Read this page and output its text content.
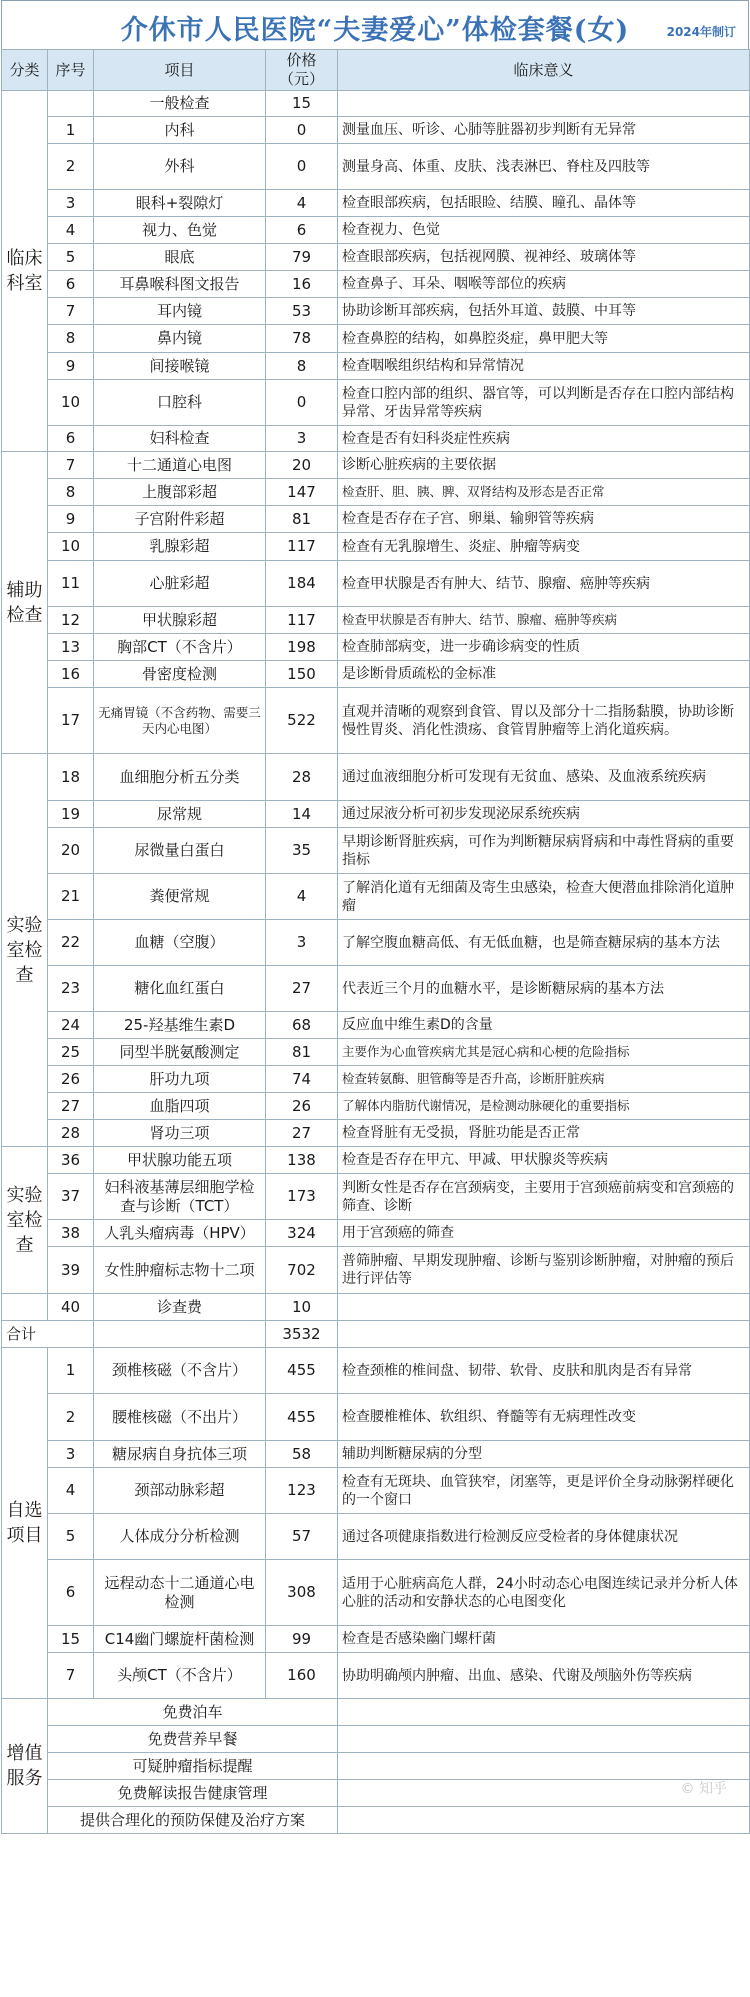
介休市人民医院“夫妻爱心”体检套餐(女)	2024年制订
分类	序号	项目	价格（元）	临床意义
临床
科室		一般检查	15	
	1	内科	0	测量血压、听诊、心肺等脏器初步判断有无异常
	2	外科	0	测量身高、体重、皮肤、浅表淋巴、脊柱及四肢等
	3	眼科+裂隙灯	4	检查眼部疾病，包括眼睑、结膜、瞳孔、晶体等
	4	视力、色觉	6	检查视力、色觉
	5	眼底	79	检查眼部疾病，包括视网膜、视神经、玻璃体等
	6	耳鼻喉科图文报告	16	检查鼻子、耳朵、咽喉等部位的疾病
	7	耳内镜	53	协助诊断耳部疾病，包括外耳道、鼓膜、中耳等
	8	鼻内镜	78	检查鼻腔的结构，如鼻腔炎症，鼻甲肥大等
	9	间接喉镜	8	检查咽喉组织结构和异常情况
	10	口腔科	0	检查口腔内部的组织、器官等，可以判断是否存在口腔内部结构异常、牙齿异常等疾病
	6	妇科检查	3	检查是否有妇科炎症性疾病
辅助
检查	7	十二通道心电图	20	诊断心脏疾病的主要依据
	8	上腹部彩超	147	检查肝、胆、胰、脾、双肾结构及形态是否正常
	9	子宫附件彩超	81	检查是否存在子宫、卵巢、输卵管等疾病
	10	乳腺彩超	117	检查有无乳腺增生、炎症、肿瘤等病变
	11	心脏彩超	184	检查甲状腺是否有肿大、结节、腺瘤、癌肿等疾病
	12	甲状腺彩超	117	检查甲状腺是否有肿大、结节、腺瘤、癌肿等疾病
	13	胸部CT（不含片）	198	检查肺部病变，进一步确诊病变的性质
	16	骨密度检测	150	是诊断骨质疏松的金标准
	17	无痛胃镜（不含药物、需要三天内心电图）	522	直观并清晰的观察到食管、胃以及部分十二指肠黏膜，协助诊断慢性胃炎、消化性溃疡、食管胃肿瘤等上消化道疾病。
实验
室检
查	18	血细胞分析五分类	28	通过血液细胞分析可发现有无贫血、感染、及血液系统疾病
	19	尿常规	14	通过尿液分析可初步发现泌尿系统疾病
	20	尿微量白蛋白	35	早期诊断肾脏疾病，可作为判断糖尿病肾病和中毒性肾病的重要指标
	21	粪便常规	4	了解消化道有无细菌及寄生虫感染，检查大便潜血排除消化道肿瘤
	22	血糖（空腹）	3	了解空腹血糖高低、有无低血糖，也是筛查糖尿病的基本方法
	23	糖化血红蛋白	27	代表近三个月的血糖水平，是诊断糖尿病的基本方法
	24	25-羟基维生素D	68	反应血中维生素D的含量
	25	同型半胱氨酸测定	81	主要作为心血管疾病尤其是冠心病和心梗的危险指标
	26	肝功九项	74	检查转氨酶、胆管酶等是否升高，诊断肝脏疾病
	27	血脂四项	26	了解体内脂肪代谢情况，是检测动脉硬化的重要指标
	28	肾功三项	27	检查肾脏有无受损，肾脏功能是否正常
实验
室检
查	36	甲状腺功能五项	138	检查是否存在甲亢、甲减、甲状腺炎等疾病
	37	妇科液基薄层细胞学检查与诊断（TCT）	173	判断女性是否存在宫颈病变，主要用于宫颈癌前病变和宫颈癌的筛查、诊断
	38	人乳头瘤病毒（HPV）	324	用于宫颈癌的筛查
	39	女性肿瘤标志物十二项	702	普筛肿瘤、早期发现肿瘤、诊断与鉴别诊断肿瘤，对肿瘤的预后进行评估等
	40	诊查费	10	
合计			3532	
自选
项目	1	颈椎核磁（不含片）	455	检查颈椎的椎间盘、韧带、软骨、皮肤和肌肉是否有异常
	2	腰椎核磁（不出片）	455	检查腰椎椎体、软组织、脊髓等有无病理性改变
	3	糖尿病自身抗体三项	58	辅助判断糖尿病的分型
	4	颈部动脉彩超	123	检查有无斑块、血管狭窄，闭塞等，更是评价全身动脉粥样硬化的一个窗口
	5	人体成分分析检测	57	通过各项健康指数进行检测反应受检者的身体健康状况
	6	远程动态十二通道心电检测	308	适用于心脏病高危人群，24小时动态心电图连续记录并分析人体心脏的活动和安静状态的心电图变化
	15	C14幽门螺旋杆菌检测	99	检查是否感染幽门螺杆菌
	7	头颅CT（不含片）	160	协助明确颅内肿瘤、出血、感染、代谢及颅脑外伤等疾病
增值
服务	免费泊车			
	免费营养早餐			
	可疑肿瘤指标提醒			
	免费解读报告健康管理			
	提供合理化的预防保健及治疗方案			
© 知乎
